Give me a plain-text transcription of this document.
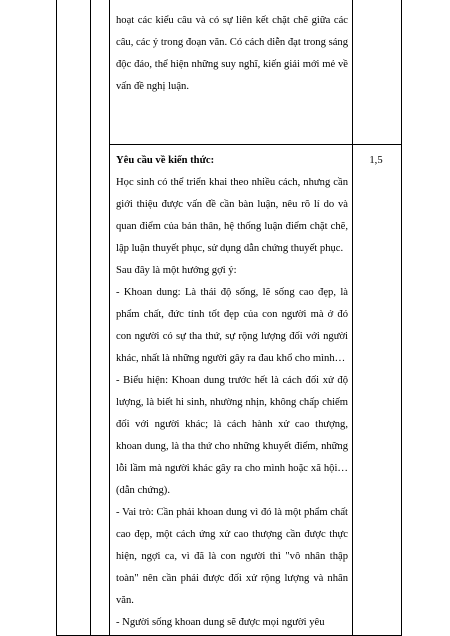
hoạt các kiểu câu và có sự liên kết chặt chẽ giữa các câu, các ý trong đoạn văn. Có cách diễn đạt trong sáng độc đáo, thể hiện những suy nghĩ, kiến giải mới mẻ về vấn đề nghị luận.

Yêu cầu về kiến thức:

Học sinh có thể triển khai theo nhiều cách, nhưng cần giới thiệu được vấn đề cần bàn luận, nêu rõ lí do và quan điểm của bản thân, hệ thống luận điểm chặt chẽ, lập luận thuyết phục, sử dụng dẫn chứng thuyết phục.

Sau đây là một hướng gợi ý:

- Khoan dung: Là thái độ sống, lẽ sống cao đẹp, là phẩm chất, đức tính tốt đẹp của con người mà ở đó con người có sự tha thứ, sự rộng lượng đối với người khác, nhất là những người gây ra đau khổ cho mình…

- Biểu hiện: Khoan dung trước hết là cách đối xử độ lượng, là biết hi sinh, nhường nhịn, không chấp chiếm đối với người khác; là cách hành xử cao thượng, khoan dung, là tha thứ cho những khuyết điểm, những lỗi lầm mà người khác gây ra cho mình hoặc xã hội…(dẫn chứng).

- Vai trò: Cần phải khoan dung vì đó là một phẩm chất cao đẹp, một cách ứng xử cao thượng cần được thực hiện, ngợi ca, vì đã là con người thì "vô nhân thập toàn" nên cần phải được đối xử rộng lượng và nhân văn.

- Người sống khoan dung sẽ được mọi người yêu

1,5
